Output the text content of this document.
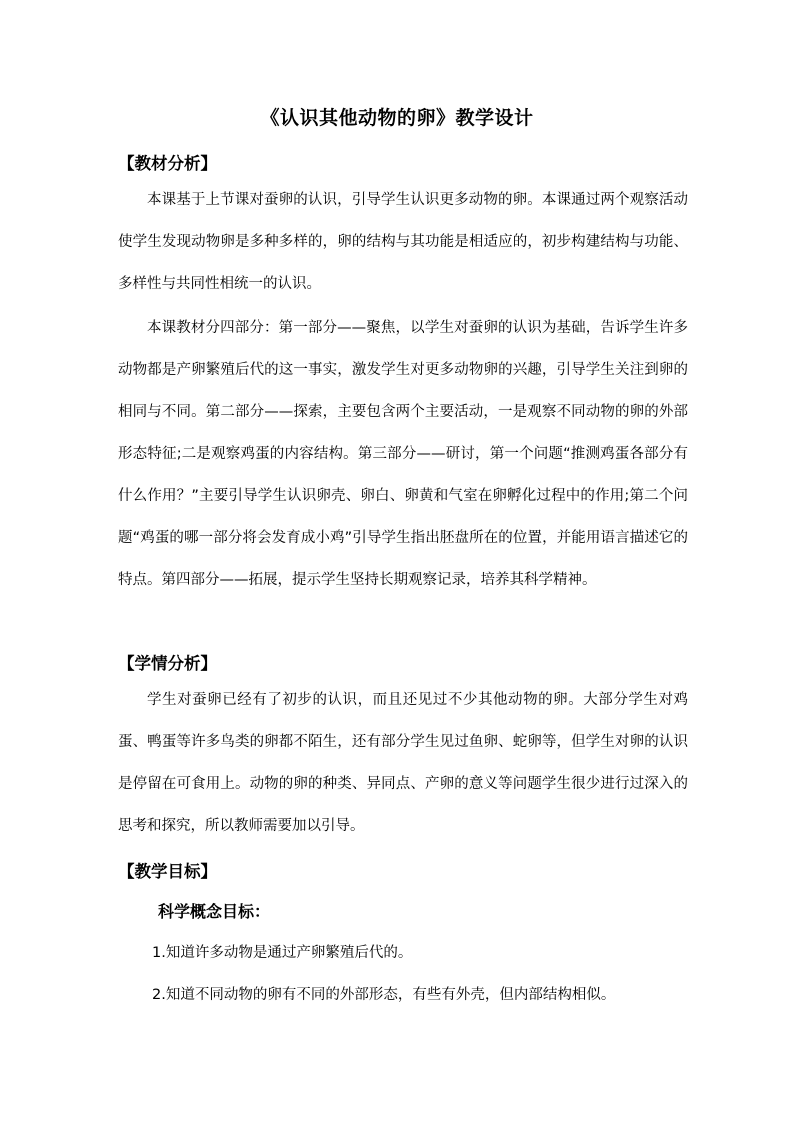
《认识其他动物的卵》教学设计
【教材分析】

本课基于上节课对蚕卵的认识，引导学生认识更多动物的卵。本课通过两个观察活动使学生发现动物卵是多种多样的，卵的结构与其功能是相适应的，初步构建结构与功能、多样性与共同性相统一的认识。

本课教材分四部分：第一部分——聚焦，以学生对蚕卵的认识为基础，告诉学生许多动物都是产卵繁殖后代的这一事实，激发学生对更多动物卵的兴趣，引导学生关注到卵的相同与不同。第二部分——探索，主要包含两个主要活动，一是观察不同动物的卵的外部形态特征;二是观察鸡蛋的内容结构。第三部分——研讨，第一个问题“推测鸡蛋各部分有什么作用？”主要引导学生认识卵壳、卵白、卵黄和气室在卵孵化过程中的作用;第二个问题“鸡蛋的哪一部分将会发育成小鸡”引导学生指出胚盘所在的位置，并能用语言描述它的特点。第四部分——拓展，提示学生坚持长期观察记录，培养其科学精神。

【学情分析】

学生对蚕卵已经有了初步的认识，而且还见过不少其他动物的卵。大部分学生对鸡蛋、鸭蛋等许多鸟类的卵都不陌生，还有部分学生见过鱼卵、蛇卵等，但学生对卵的认识是停留在可食用上。动物的卵的种类、异同点、产卵的意义等问题学生很少进行过深入的思考和探究，所以教师需要加以引导。

【教学目标】
科学概念目标：
1.知道许多动物是通过产卵繁殖后代的。
2.知道不同动物的卵有不同的外部形态，有些有外壳，但内部结构相似。
